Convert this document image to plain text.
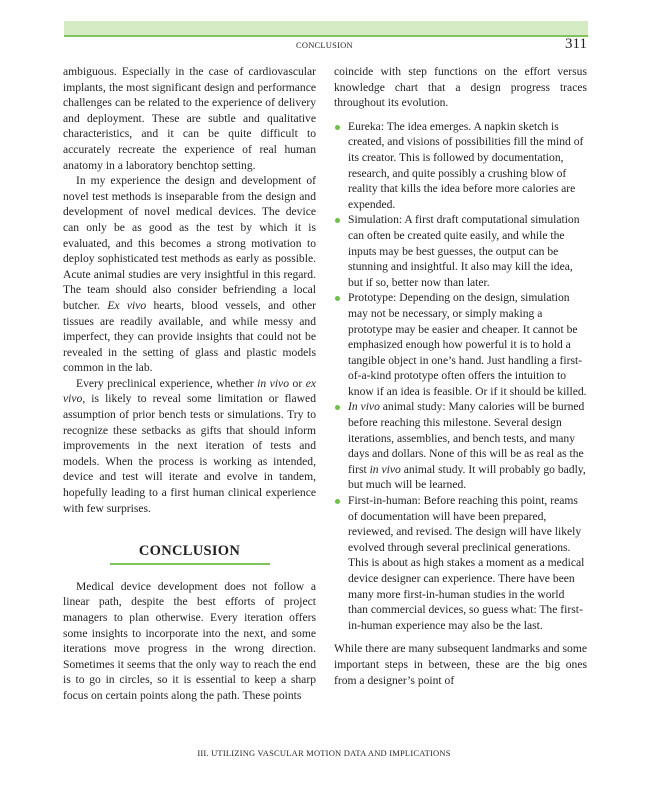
CONCLUSION	311

ambiguous. Especially in the case of cardiovascular implants, the most significant design and performance challenges can be related to the experience of delivery and deployment. These are subtle and qualitative characteristics, and it can be quite difficult to accurately recreate the experience of real human anatomy in a laboratory benchtop setting.

In my experience the design and development of novel test methods is inseparable from the design and development of novel medical devices. The device can only be as good as the test by which it is evaluated, and this becomes a strong motivation to deploy sophisticated test methods as early as possible. Acute animal studies are very insightful in this regard. The team should also consider befriending a local butcher. Ex vivo hearts, blood vessels, and other tissues are readily available, and while messy and imperfect, they can provide insights that could not be revealed in the setting of glass and plastic models common in the lab.

Every preclinical experience, whether in vivo or ex vivo, is likely to reveal some limitation or flawed assumption of prior bench tests or simulations. Try to recognize these setbacks as gifts that should inform improvements in the next iteration of tests and models. When the process is working as intended, device and test will iterate and evolve in tandem, hopefully leading to a first human clinical experience with few surprises.

CONCLUSION

Medical device development does not follow a linear path, despite the best efforts of project managers to plan otherwise. Every iteration offers some insights to incorporate into the next, and some iterations move progress in the wrong direction. Sometimes it seems that the only way to reach the end is to go in circles, so it is essential to keep a sharp focus on certain points along the path. These points

coincide with step functions on the effort versus knowledge chart that a design progress traces throughout its evolution.

Eureka: The idea emerges. A napkin sketch is created, and visions of possibilities fill the mind of its creator. This is followed by documentation, research, and quite possibly a crushing blow of reality that kills the idea before more calories are expended.
Simulation: A first draft computational simulation can often be created quite easily, and while the inputs may be best guesses, the output can be stunning and insightful. It also may kill the idea, but if so, better now than later.
Prototype: Depending on the design, simulation may not be necessary, or simply making a prototype may be easier and cheaper. It cannot be emphasized enough how powerful it is to hold a tangible object in one’s hand. Just handling a first-of-a-kind prototype often offers the intuition to know if an idea is feasible. Or if it should be killed.
In vivo animal study: Many calories will be burned before reaching this milestone. Several design iterations, assemblies, and bench tests, and many days and dollars. None of this will be as real as the first in vivo animal study. It will probably go badly, but much will be learned.
First-in-human: Before reaching this point, reams of documentation will have been prepared, reviewed, and revised. The design will have likely evolved through several preclinical generations. This is about as high stakes a moment as a medical device designer can experience. There have been many more first-in-human studies in the world than commercial devices, so guess what: The first-in-human experience may also be the last.

While there are many subsequent landmarks and some important steps in between, these are the big ones from a designer’s point of

III. UTILIZING VASCULAR MOTION DATA AND IMPLICATIONS
